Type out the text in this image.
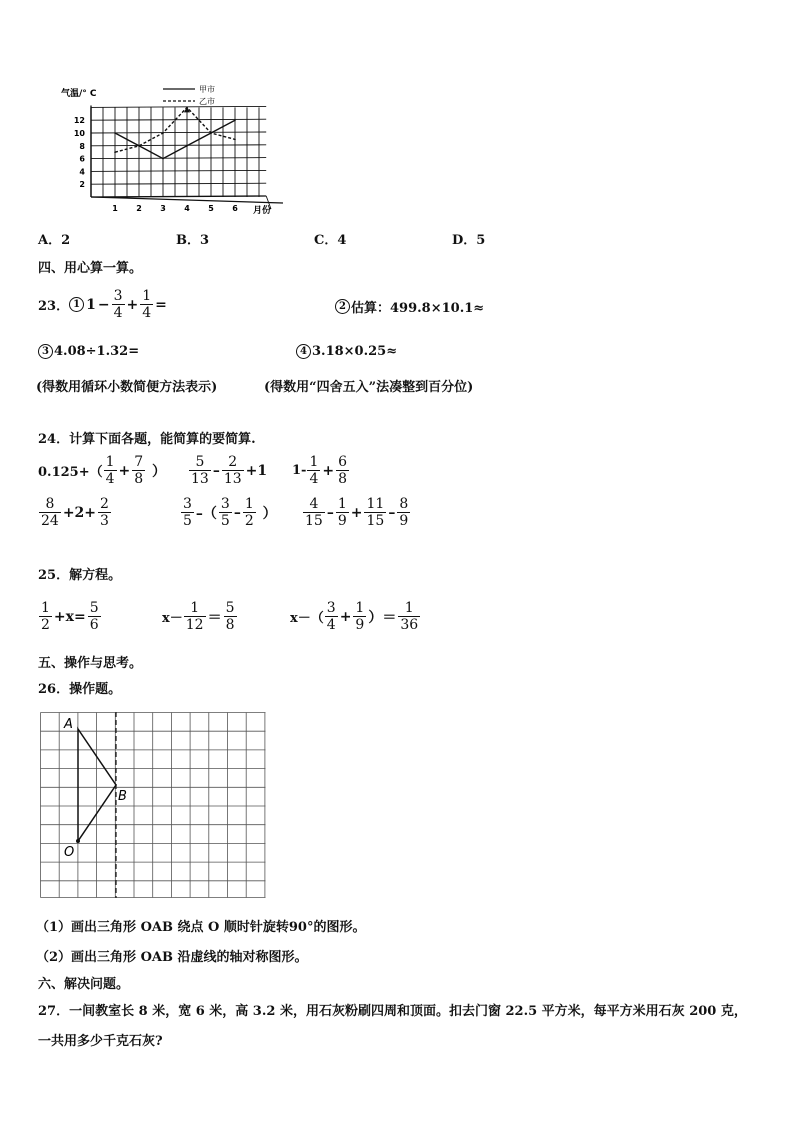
2
4
6
8
10
12
1 2 3 4 5 6
气温/° C
月份
甲市
乙市
A．2	B．3	C．4	D．5
四、用心算一算。
23． 1 $1 - \frac{3}{4} + \frac{1}{4}$ =	2 估算：499.8×10.1≈
3 4.08÷1.32=	4 3.18×0.25≈
(得数用循环小数简便方法表示)	(得数用“四舍五入”法凑整到百分位)
24．计算下面各题，能简算的要简算.
$0.125+( \frac{1}{4} + \frac{7}{8}$ ） $\frac{5}{13} - \frac{2}{13} +1$ $1- \frac{1}{4} + \frac{6}{8}$
$\frac{8}{24} +2+ \frac{2}{3}$	$\frac{3}{5}$ –（ $\frac{3}{5} - \frac{1}{2}$ ） $\frac{4}{15} - \frac{1}{9} + \frac{11}{15} - \frac{8}{9}$
25．解方程。
$\frac{1}{2} +x= \frac{5}{6}$	$x- \frac{1}{12} = \frac{5}{8}$	$x-( \frac{3}{4} + \frac{1}{9}$ ）＝ $\frac{1}{36}$
五、操作与思考。
26．操作题。
A
B
O
（1）画出三角形 OAB 绕点 O 顺时针旋转90°的图形。
（2）画出三角形 OAB 沿虚线的轴对称图形。
六、解决问题。
27．一间教室长 8 米，宽 6 米，高 3.2 米，用石灰粉刷四周和顶面。扣去门窗 22.5 平方米，每平方米用石灰 200 克，
一共用多少千克石灰?
